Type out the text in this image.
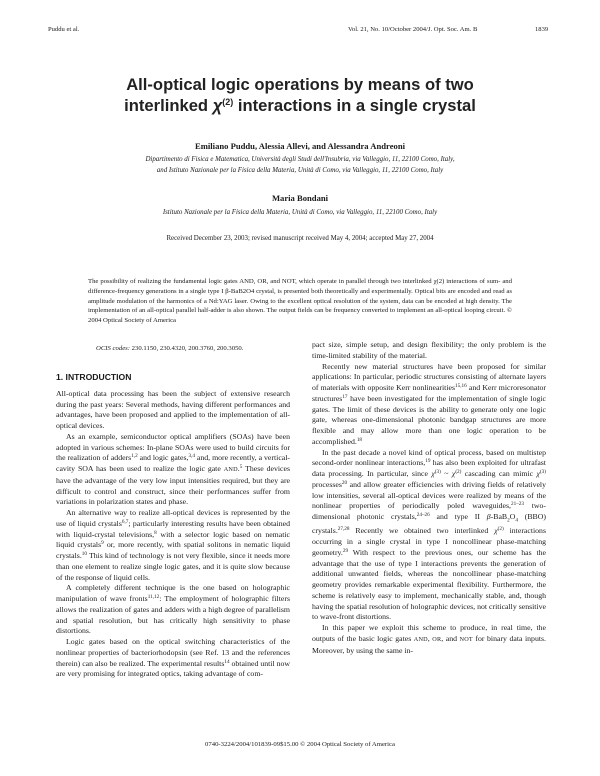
Puddu et al.	Vol. 21, No. 10/October 2004/J. Opt. Soc. Am. B	1839
All-optical logic operations by means of two
interlinked $\chi^{(2)}$ interactions in a single crystal
Emiliano Puddu, Alessia Allevi, and Alessandra Andreoni
Dipartimento di Fisica e Matematica, Università degli Studi dell'Insubria, via Valleggio, 11, 22100 Como, Italy,
and Istituto Nazionale per la Fisica della Materia, Unità di Como, via Valleggio, 11, 22100 Como, Italy
Maria Bondani
Istituto Nazionale per la Fisica della Materia, Unità di Como, via Valleggio, 11, 22100 Como, Italy
Received December 23, 2003; revised manuscript received May 4, 2004; accepted May 27, 2004
The possibility of realizing the fundamental logic gates AND, OR, and NOT, which operate in parallel through two interlinked χ(2) interactions of sum- and difference-frequency generations in a single type I β-BaB2O4 crystal, is presented both theoretically and experimentally. Optical bits are encoded and read as amplitude modulation of the harmonics of a Nd:YAG laser. Owing to the excellent optical resolution of the system, data can be encoded at high density. The implementation of an all-optical parallel half-adder is also shown. The output fields can be frequency converted to implement an all-optical looping circuit. © 2004 Optical Society of America
OCIS codes: 230.1150, 230.4320, 200.3760, 200.3050.
1. INTRODUCTION

All-optical data processing has been the subject of extensive research during the past years: Several methods, having different performances and advantages, have been proposed and applied to the implementation of all-optical devices.

As an example, semiconductor optical amplifiers (SOAs) have been adopted in various schemes: In-plane SOAs were used to build circuits for the realization of adders$^{1,2}$ and logic gates,$^{3,4}$ and, more recently, a vertical-cavity SOA has been used to realize the logic gate AND.$^5$ These devices have the advantage of the very low input intensities required, but they are difficult to control and construct, since their performances suffer from variations in polarization states and phase.

An alternative way to realize all-optical devices is represented by the use of liquid crystals$^{6,7}$; particularly interesting results have been obtained with liquid-crystal televisions,$^8$ with a selector logic based on nematic liquid crystals$^9$ or, more recently, with spatial solitons in nematic liquid crystals.$^{10}$ This kind of technology is not very flexible, since it needs more than one element to realize single logic gates, and it is quite slow because of the response of liquid cells.

A completely different technique is the one based on holographic manipulation of wave fronts$^{11,12}$: The employment of holographic filters allows the realization of gates and adders with a high degree of parallelism and spatial resolution, but has critically high sensitivity to phase distortions.

Logic gates based on the optical switching characteristics of the nonlinear properties of bacteriorhodopsin (see Ref. 13 and the references therein) can also be realized. The experimental results$^{14}$ obtained until now are very promising for integrated optics, taking advantage of com-

pact size, simple setup, and design flexibility; the only problem is the time-limited stability of the material.

Recently new material structures have been proposed for similar applications: In particular, periodic structures consisting of alternate layers of materials with opposite Kerr nonlinearities$^{15,16}$ and Kerr microresonator structures$^{17}$ have been investigated for the implementation of single logic gates. The limit of these devices is the ability to generate only one logic gate, whereas one-dimensional photonic bandgap structures are more flexible and may allow more than one logic operation to be accomplished.$^{18}$

In the past decade a novel kind of optical process, based on multistep second-order nonlinear interactions,$^{19}$ has also been exploited for ultrafast data processing. In particular, since $\chi^{(3)}$ ~ $\chi^{(2)}$ cascading can mimic $\chi^{(3)}$ processes$^{20}$ and allow greater efficiencies with driving fields of relatively low intensities, several all-optical devices were realized by means of the nonlinear properties of periodically poled waveguides,$^{21-23}$ two-dimensional photonic crystals,$^{24-26}$ and type II $\beta-BaB_2O_4$ (BBO) crystals.$^{27,28}$ Recently we obtained two interlinked $\chi^{(2)}$ interactions occurring in a single crystal in type I noncollinear phase-matching geometry.$^{29}$ With respect to the previous ones, our scheme has the advantage that the use of type I interactions prevents the generation of additional unwanted fields, whereas the noncollinear phase-matching geometry provides remarkable experimental flexibility. Furthermore, the scheme is relatively easy to implement, mechanically stable, and, though having the spatial resolution of holographic devices, not critically sensitive to wave-front distortions.

In this paper we exploit this scheme to produce, in real time, the outputs of the basic logic gates AND, OR, and NOT for binary data inputs. Moreover, by using the same in-

0740-3224/2004/101839-09$15.00 © 2004 Optical Society of America
